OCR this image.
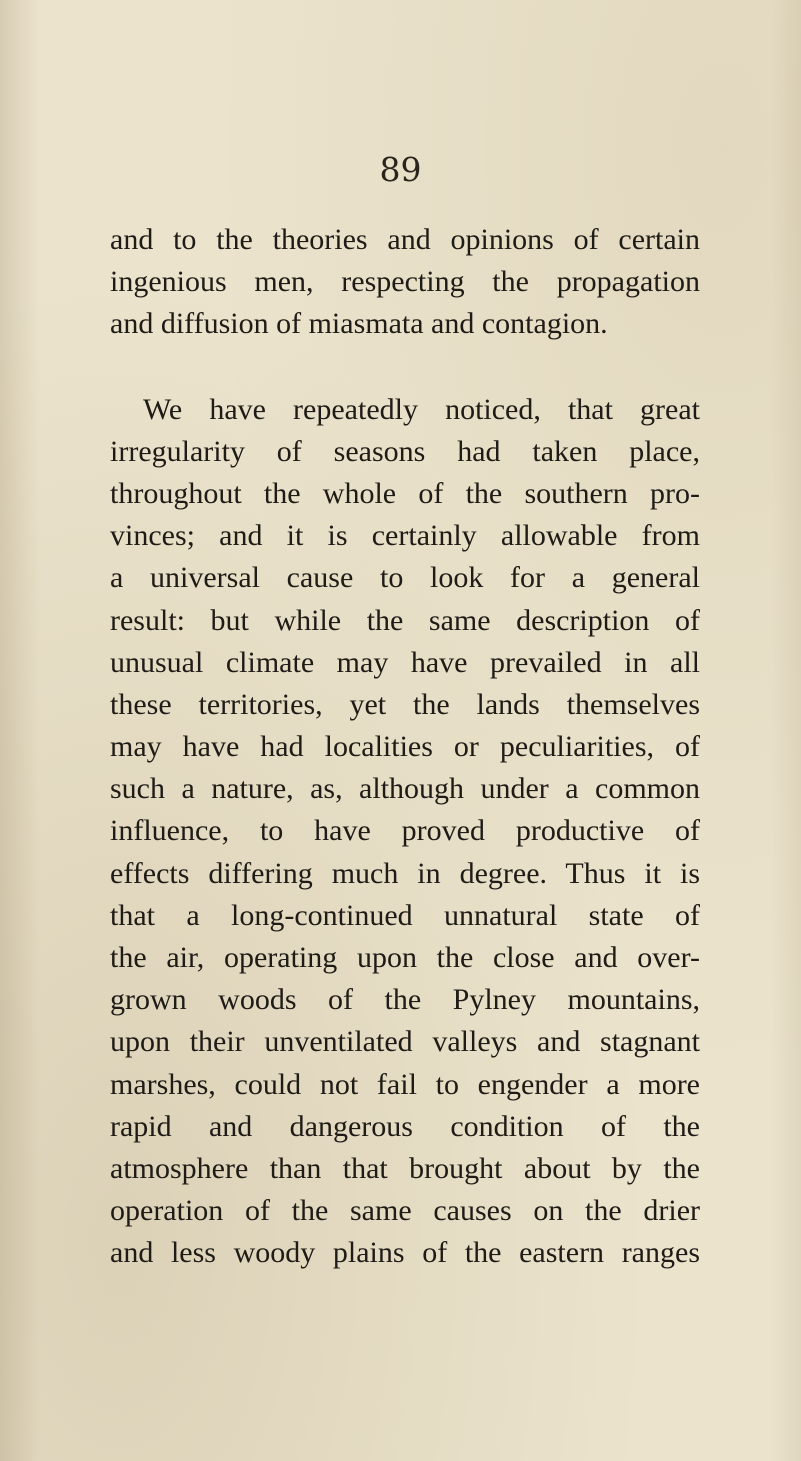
89
and to the theories and opinions of certain
ingenious men, respecting the propagation
and diffusion of miasmata and contagion.
We have repeatedly noticed, that great
irregularity of seasons had taken place,
throughout the whole of the southern pro-
vinces; and it is certainly allowable from
a universal cause to look for a general
result: but while the same description of
unusual climate may have prevailed in all
these territories, yet the lands themselves
may have had localities or peculiarities, of
such a nature, as, although under a common
influence, to have proved productive of
effects differing much in degree. Thus it is
that a long-continued unnatural state of
the air, operating upon the close and over-
grown woods of the Pylney mountains,
upon their unventilated valleys and stagnant
marshes, could not fail to engender a more
rapid and dangerous condition of the
atmosphere than that brought about by the
operation of the same causes on the drier
and less woody plains of the eastern ranges
